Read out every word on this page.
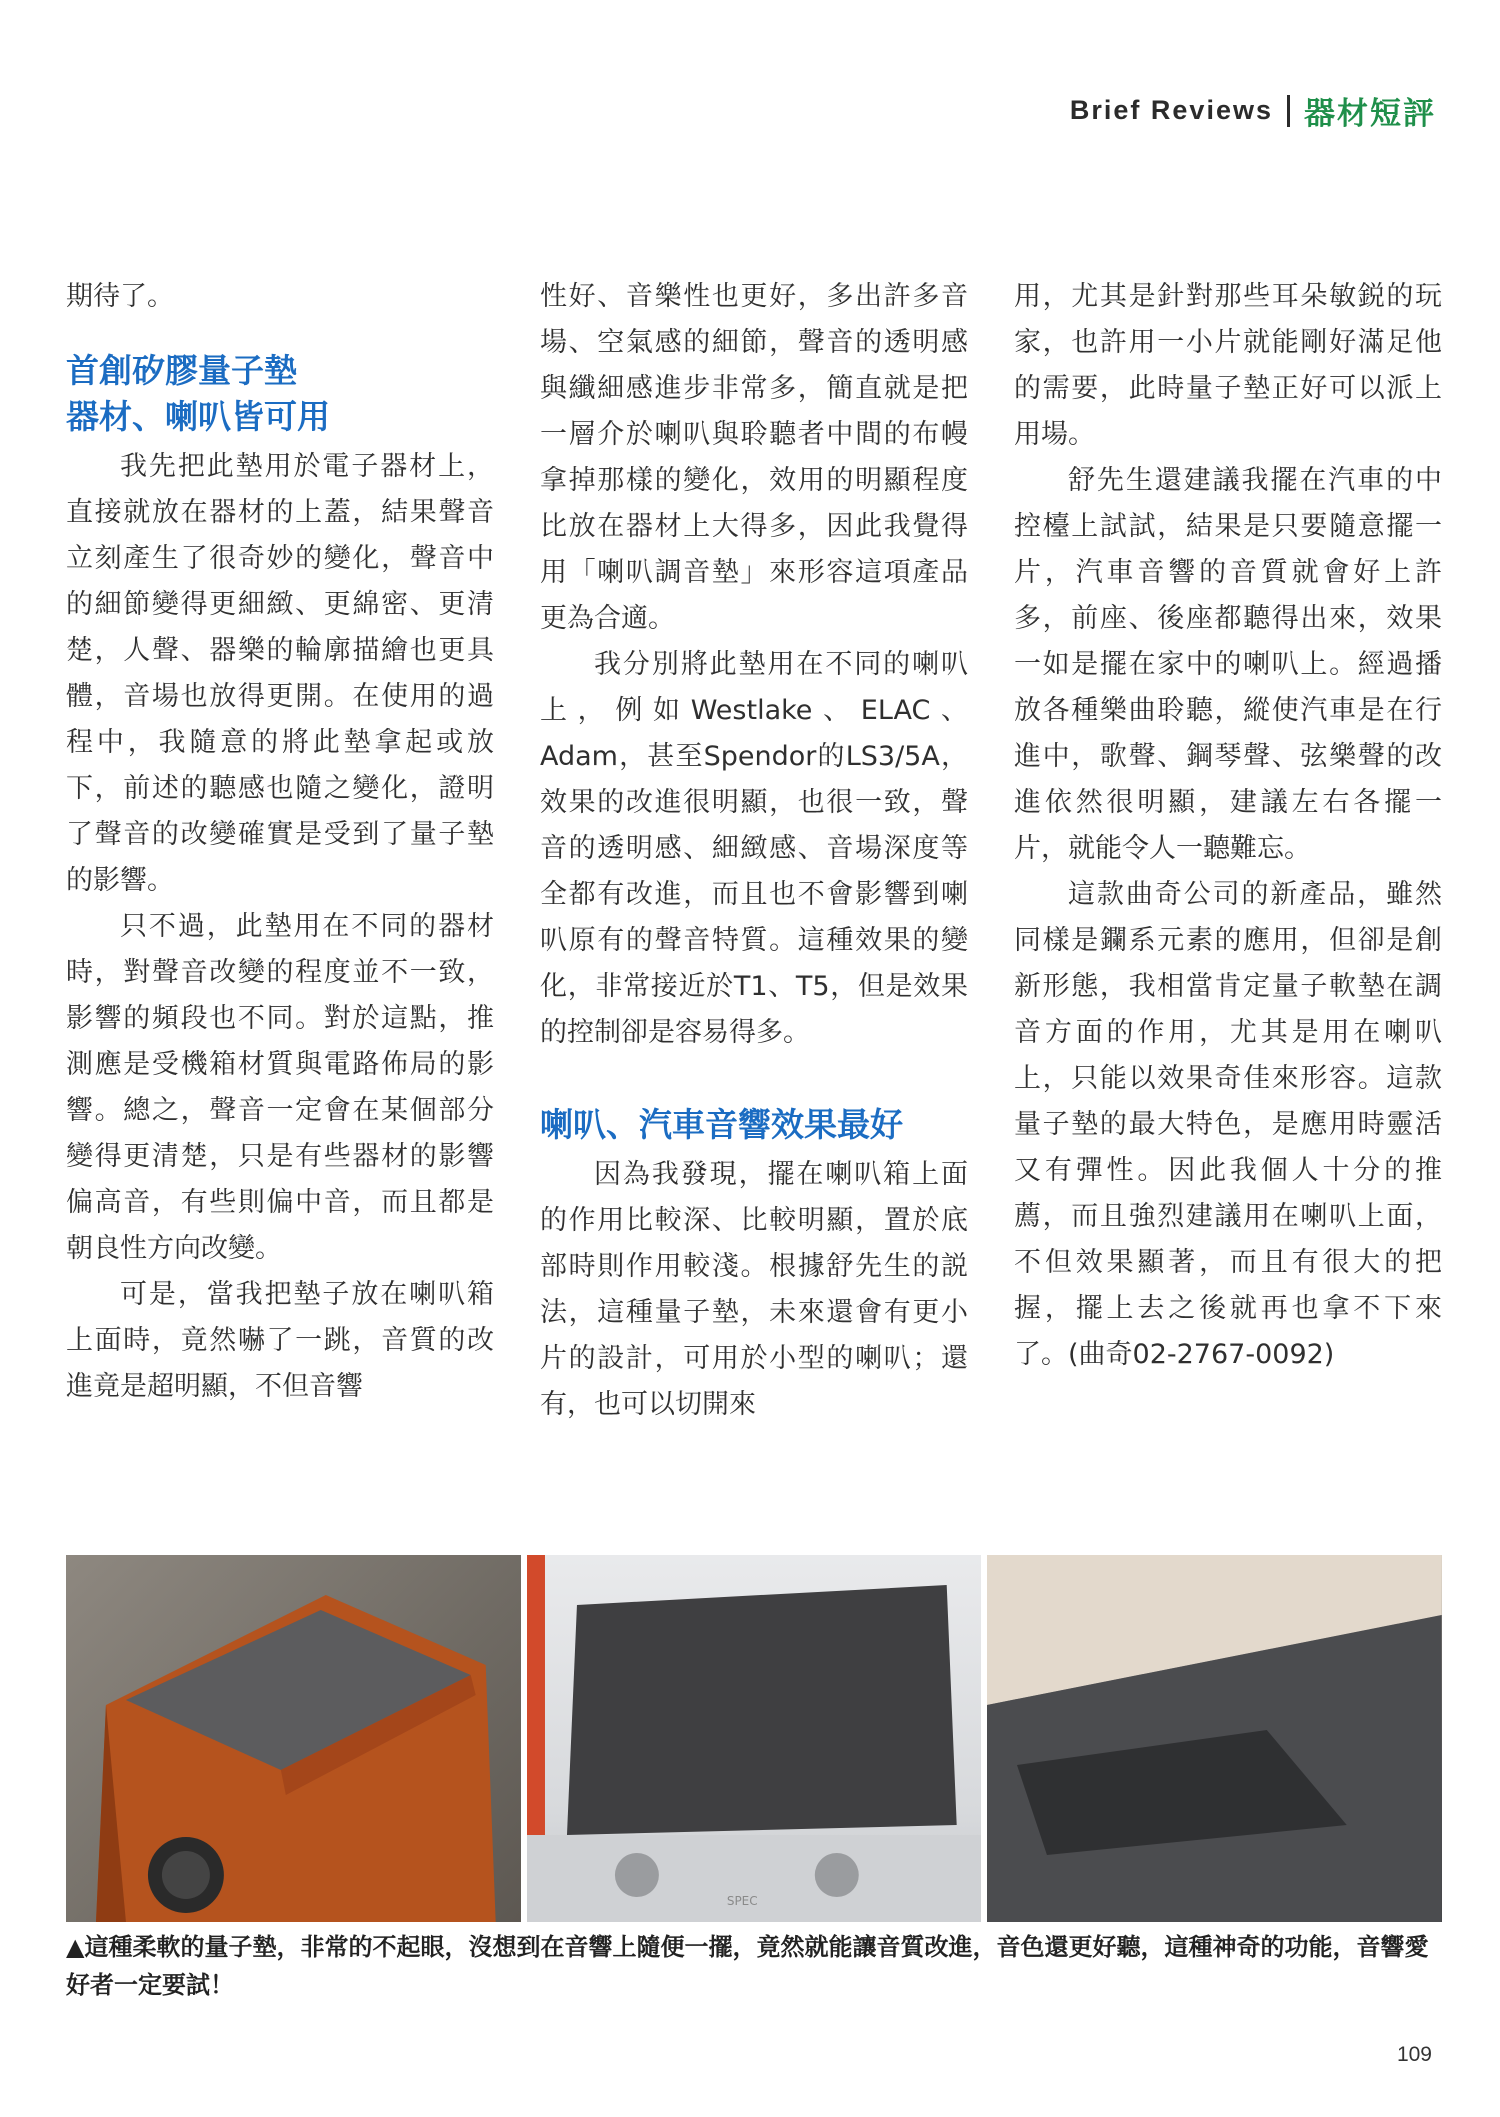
Brief Reviews 器材短評

期待了。

首創矽膠量子墊
器材、喇叭皆可用

我先把此墊用於電子器材上，直接就放在器材的上蓋，結果聲音立刻產生了很奇妙的變化，聲音中的細節變得更細緻、更綿密、更清楚，人聲、器樂的輪廓描繪也更具體，音場也放得更開。在使用的過程中，我隨意的將此墊拿起或放下，前述的聽感也隨之變化，證明了聲音的改變確實是受到了量子墊的影響。

只不過，此墊用在不同的器材時，對聲音改變的程度並不一致，影響的頻段也不同。對於這點，推測應是受機箱材質與電路佈局的影響。總之，聲音一定會在某個部分變得更清楚，只是有些器材的影響偏高音，有些則偏中音，而且都是朝良性方向改變。

可是，當我把墊子放在喇叭箱上面時，竟然嚇了一跳，音質的改進竟是超明顯，不但音響

性好、音樂性也更好，多出許多音場、空氣感的細節，聲音的透明感與纖細感進步非常多，簡直就是把一層介於喇叭與聆聽者中間的布幔拿掉那樣的變化，效用的明顯程度比放在器材上大得多，因此我覺得用「喇叭調音墊」來形容這項產品更為合適。

我分別將此墊用在不同的喇叭上，例如Westlake、ELAC、Adam，甚至Spendor的LS3/5A，效果的改進很明顯，也很一致，聲音的透明感、細緻感、音場深度等全都有改進，而且也不會影響到喇叭原有的聲音特質。這種效果的變化，非常接近於T1、T5，但是效果的控制卻是容易得多。

喇叭、汽車音響效果最好

因為我發現，擺在喇叭箱上面的作用比較深、比較明顯，置於底部時則作用較淺。根據舒先生的説法，這種量子墊，未來還會有更小片的設計，可用於小型的喇叭；還有，也可以切開來

用，尤其是針對那些耳朵敏鋭的玩家，也許用一小片就能剛好滿足他的需要，此時量子墊正好可以派上用場。

舒先生還建議我擺在汽車的中控檯上試試，結果是只要隨意擺一片，汽車音響的音質就會好上許多，前座、後座都聽得出來，效果一如是擺在家中的喇叭上。經過播放各種樂曲聆聽，縱使汽車是在行進中，歌聲、鋼琴聲、弦樂聲的改進依然很明顯，建議左右各擺一片，就能令人一聽難忘。

這款曲奇公司的新產品，雖然同樣是鑭系元素的應用，但卻是創新形態，我相當肯定量子軟墊在調音方面的作用，尤其是用在喇叭上，只能以效果奇佳來形容。這款量子墊的最大特色，是應用時靈活又有彈性。因此我個人十分的推薦，而且強烈建議用在喇叭上面，不但效果顯著，而且有很大的把握，擺上去之後就再也拿不下來了。(曲奇02-2767-0092)

SPEC
▲這種柔軟的量子墊，非常的不起眼，沒想到在音響上隨便一擺，竟然就能讓音質改進，音色還更好聽，這種神奇的功能，音響愛好者一定要試！
109
